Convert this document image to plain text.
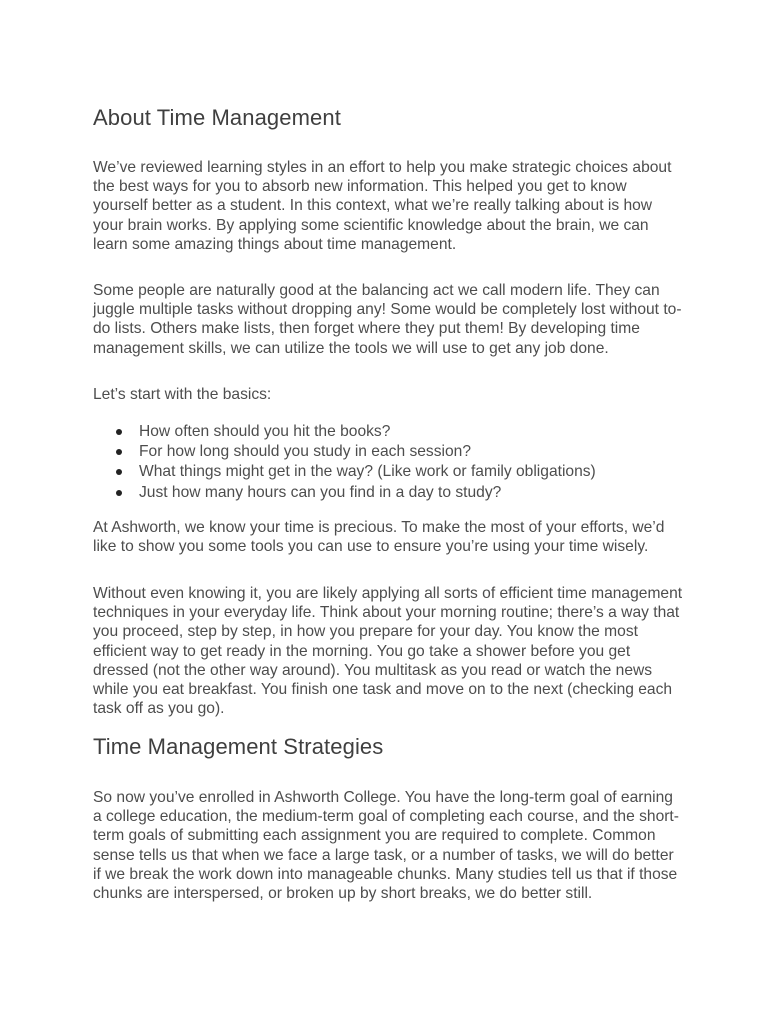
About Time Management

We’ve reviewed learning styles in an effort to help you make strategic choices about the best ways for you to absorb new information. This helped you get to know yourself better as a student. In this context, what we’re really talking about is how your brain works. By applying some scientific knowledge about the brain, we can learn some amazing things about time management.

Some people are naturally good at the balancing act we call modern life. They can juggle multiple tasks without dropping any! Some would be completely lost without to-do lists. Others make lists, then forget where they put them! By developing time management skills, we can utilize the tools we will use to get any job done.

Let’s start with the basics:

How often should you hit the books?
For how long should you study in each session?
What things might get in the way? (Like work or family obligations)
Just how many hours can you find in a day to study?

At Ashworth, we know your time is precious. To make the most of your efforts, we’d like to show you some tools you can use to ensure you’re using your time wisely.

Without even knowing it, you are likely applying all sorts of efficient time management techniques in your everyday life. Think about your morning routine; there’s a way that you proceed, step by step, in how you prepare for your day. You know the most efficient way to get ready in the morning. You go take a shower before you get dressed (not the other way around). You multitask as you read or watch the news while you eat breakfast. You finish one task and move on to the next (checking each task off as you go).

Time Management Strategies

So now you’ve enrolled in Ashworth College. You have the long-term goal of earning a college education, the medium-term goal of completing each course, and the short-term goals of submitting each assignment you are required to complete. Common sense tells us that when we face a large task, or a number of tasks, we will do better if we break the work down into manageable chunks. Many studies tell us that if those chunks are interspersed, or broken up by short breaks, we do better still.
